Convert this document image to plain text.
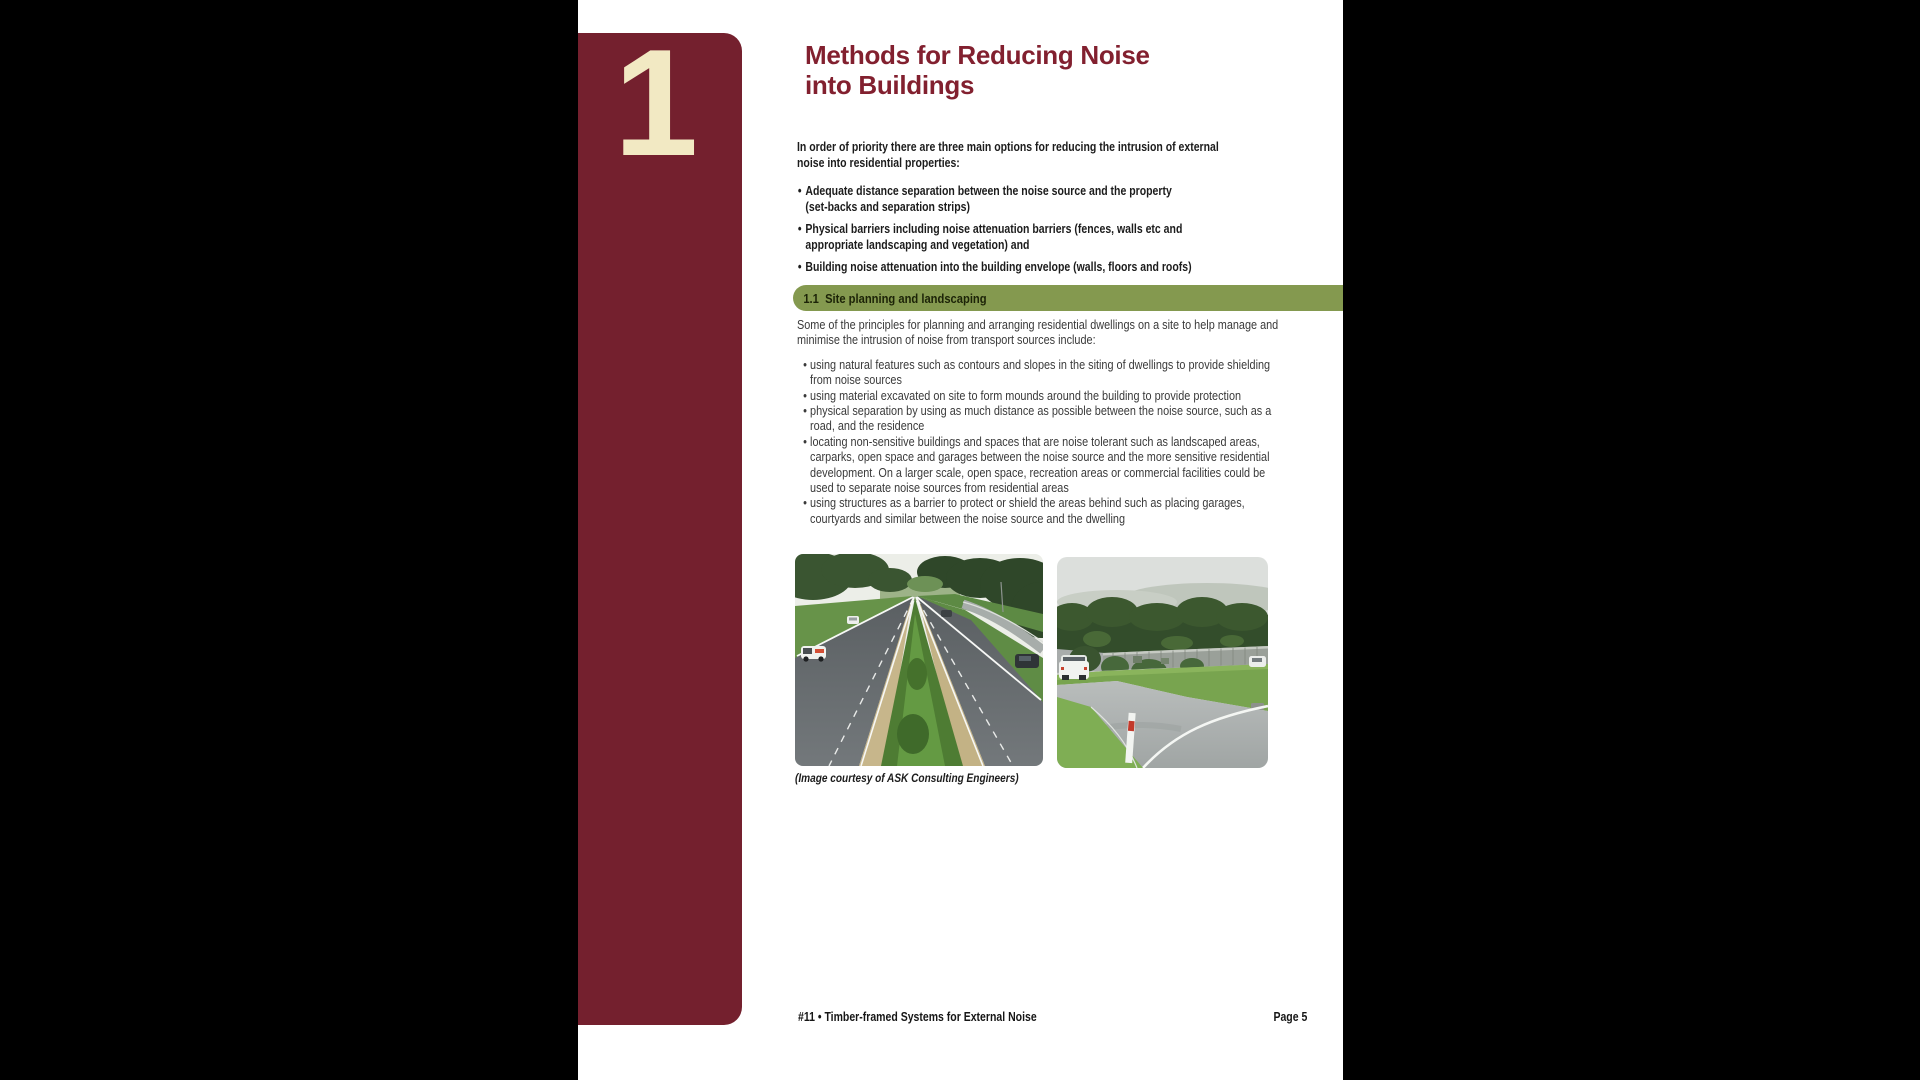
1	Methods for Reducing Noise
into Buildings
In order of priority there are three main options for reducing the intrusion of external
noise into residential properties:
• Adequate distance separation between the noise source and the property
(set-backs and separation strips)
• Physical barriers including noise attenuation barriers (fences, walls etc and
appropriate landscaping and vegetation) and
• Building noise attenuation into the building envelope (walls, floors and roofs)
1.1  Site planning and landscaping
Some of the principles for planning and arranging residential dwellings on a site to help manage and
minimise the intrusion of noise from transport sources include:
• using natural features such as contours and slopes in the siting of dwellings to provide shielding
from noise sources
• using material excavated on site to form mounds around the building to provide protection
• physical separation by using as much distance as possible between the noise source, such as a
road, and the residence
• locating non-sensitive buildings and spaces that are noise tolerant such as landscaped areas,
carparks, open space and garages between the noise source and the more sensitive residential
development. On a larger scale, open space, recreation areas or commercial facilities could be
used to separate noise sources from residential areas
• using structures as a barrier to protect or shield the areas behind such as placing garages,
courtyards and similar between the noise source and the dwelling
(Image courtesy of ASK Consulting Engineers)
#11 • Timber-framed Systems for External Noise	Page 5
